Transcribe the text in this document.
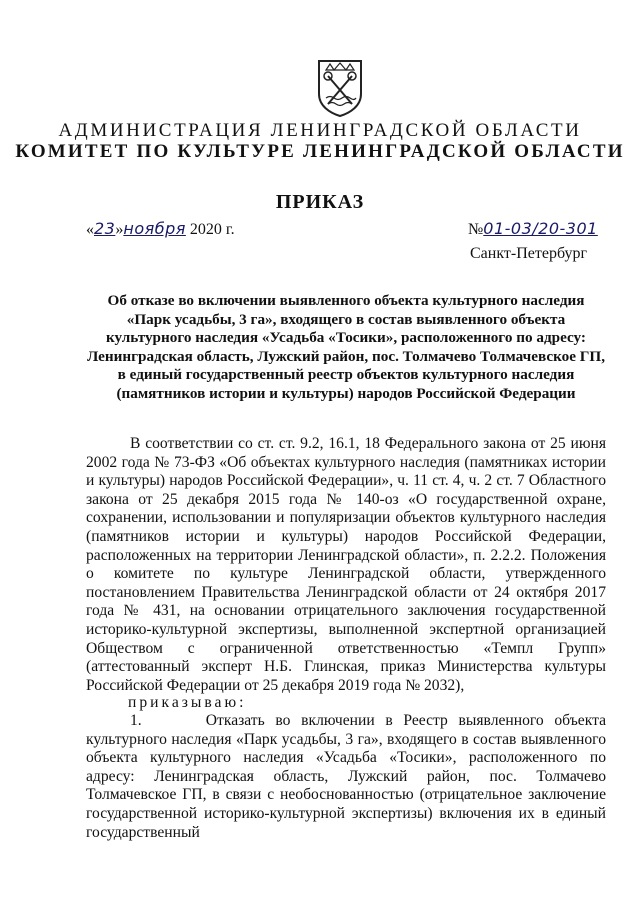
АДМИНИСТРАЦИЯ ЛЕНИНГРАДСКОЙ ОБЛАСТИ
КОМИТЕТ ПО КУЛЬТУРЕ ЛЕНИНГРАДСКОЙ ОБЛАСТИ
ПРИКАЗ
«23»ноября 2020 г.	№01-03/20-301
Санкт-Петербург
Об отказе во включении выявленного объекта культурного наследия «Парк усадьбы, 3 га», входящего в состав выявленного объекта культурного наследия «Усадьба «Тосики», расположенного по адресу: Ленинградская область, Лужский район, пос. Толмачево Толмачевское ГП, в единый государственный реестр объектов культурного наследия (памятников истории и культуры) народов Российской Федерации

В соответствии со ст. ст. 9.2, 16.1, 18 Федерального закона от 25 июня 2002 года № 73-ФЗ «Об объектах культурного наследия (памятниках истории и культуры) народов Российской Федерации», ч. 11 ст. 4, ч. 2 ст. 7 Областного закона от 25 декабря 2015 года № 140-оз «О государственной охране, сохранении, использовании и популяризации объектов культурного наследия (памятников истории и культуры) народов Российской Федерации, расположенных на территории Ленинградской области», п. 2.2.2. Положения о комитете по культуре Ленинградской области, утвержденного постановлением Правительства Ленинградской области от 24 октября 2017 года № 431, на основании отрицательного заключения государственной историко-культурной экспертизы, выполненной экспертной организацией Обществом с ограниченной ответственностью «Темпл Групп» (аттестованный эксперт Н.Б. Глинская, приказ Министерства культуры Российской Федерации от 25 декабря 2019 года № 2032),

приказываю:

1.      Отказать во включении в Реестр выявленного объекта культурного наследия «Парк усадьбы, 3 га», входящего в состав выявленного объекта культурного наследия «Усадьба «Тосики», расположенного по адресу: Ленинградская область, Лужский район, пос. Толмачево Толмачевское ГП, в связи с необоснованностью (отрицательное заключение государственной историко-культурной экспертизы) включения их в единый государственный
